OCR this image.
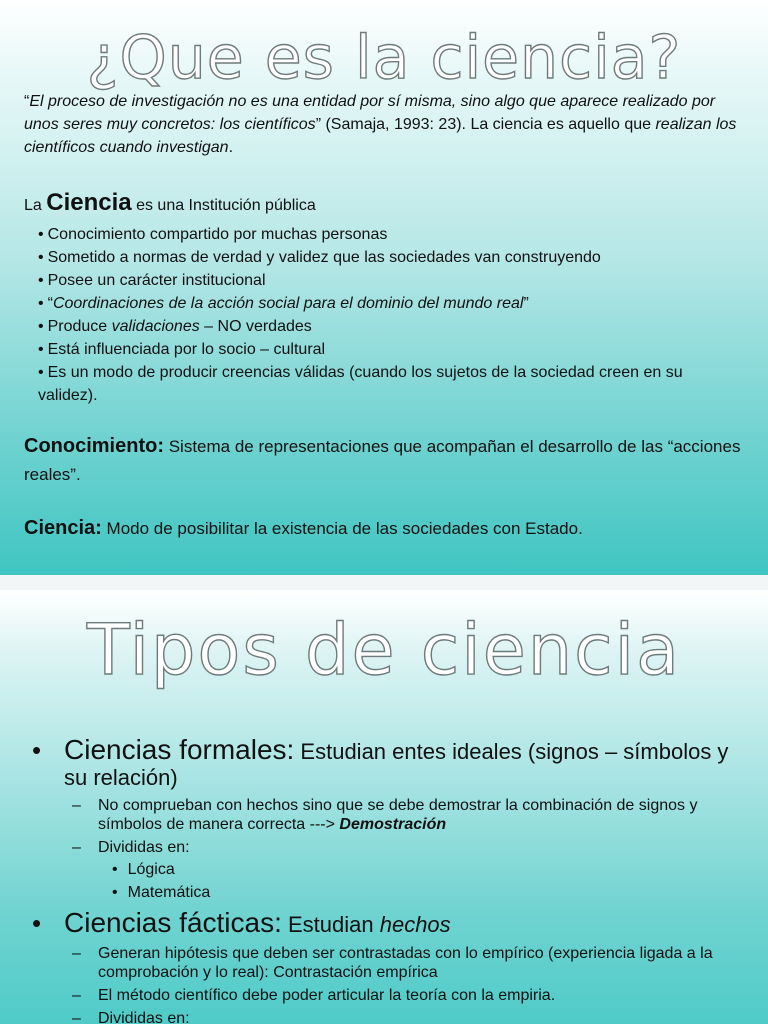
¿Que es la ciencia?
“El proceso de investigación no es una entidad por sí misma, sino algo que aparece realizado por unos seres muy concretos: los científicos” (Samaja, 1993: 23). La ciencia es aquello que realizan los científicos cuando investigan.
La Ciencia es una Institución pública
• Conocimiento compartido por muchas personas
• Sometido a normas de verdad y validez que las sociedades van construyendo
• Posee un carácter institucional
• “Coordinaciones de la acción social para el dominio del mundo real”
• Produce validaciones – NO verdades
• Está influenciada por lo socio – cultural
• Es un modo de producir creencias válidas (cuando los sujetos de la sociedad creen en su validez).
Conocimiento: Sistema de representaciones que acompañan el desarrollo de las “acciones reales”.
Ciencia: Modo de posibilitar la existencia de las sociedades con Estado.
Tipos de ciencia
• Ciencias formales: Estudian entes ideales (signos – símbolos y su relación)
– No comprueban con hechos sino que se debe demostrar la combinación de signos y símbolos de manera correcta ---> Demostración
– Divididas en:
• Lógica
• Matemática
• Ciencias fácticas: Estudian hechos
– Generan hipótesis que deben ser contrastadas con lo empírico (experiencia ligada a la comprobación y lo real): Contrastación empírica
– El método científico debe poder articular la teoría con la empiria.
– Divididas en:
